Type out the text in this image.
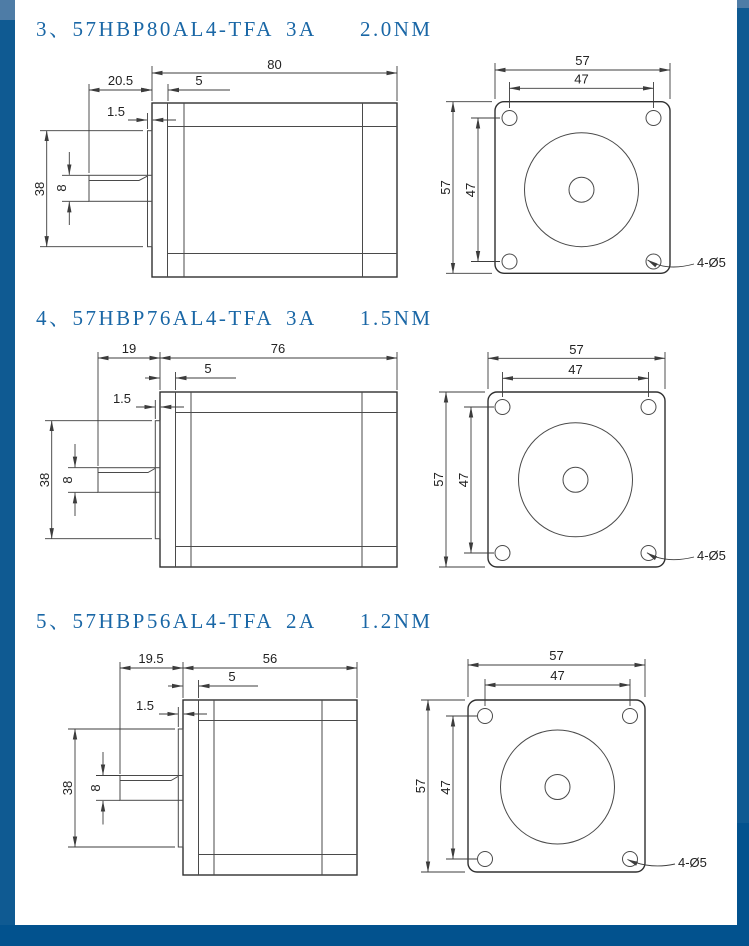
3、57HBP80AL4-TFA 3A	2.0NM
4、57HBP76AL4-TFA 3A	1.5NM
5、57HBP56AL4-TFA 2A	1.2NM
80
20.5	5
1.5
38 8
57
47
57 47
4-Ø5
19	76
5
1.5
38 8
57
47
57 47
4-Ø5
19.5	56
5
1.5
38 8
57
47
57 47
4-Ø5
